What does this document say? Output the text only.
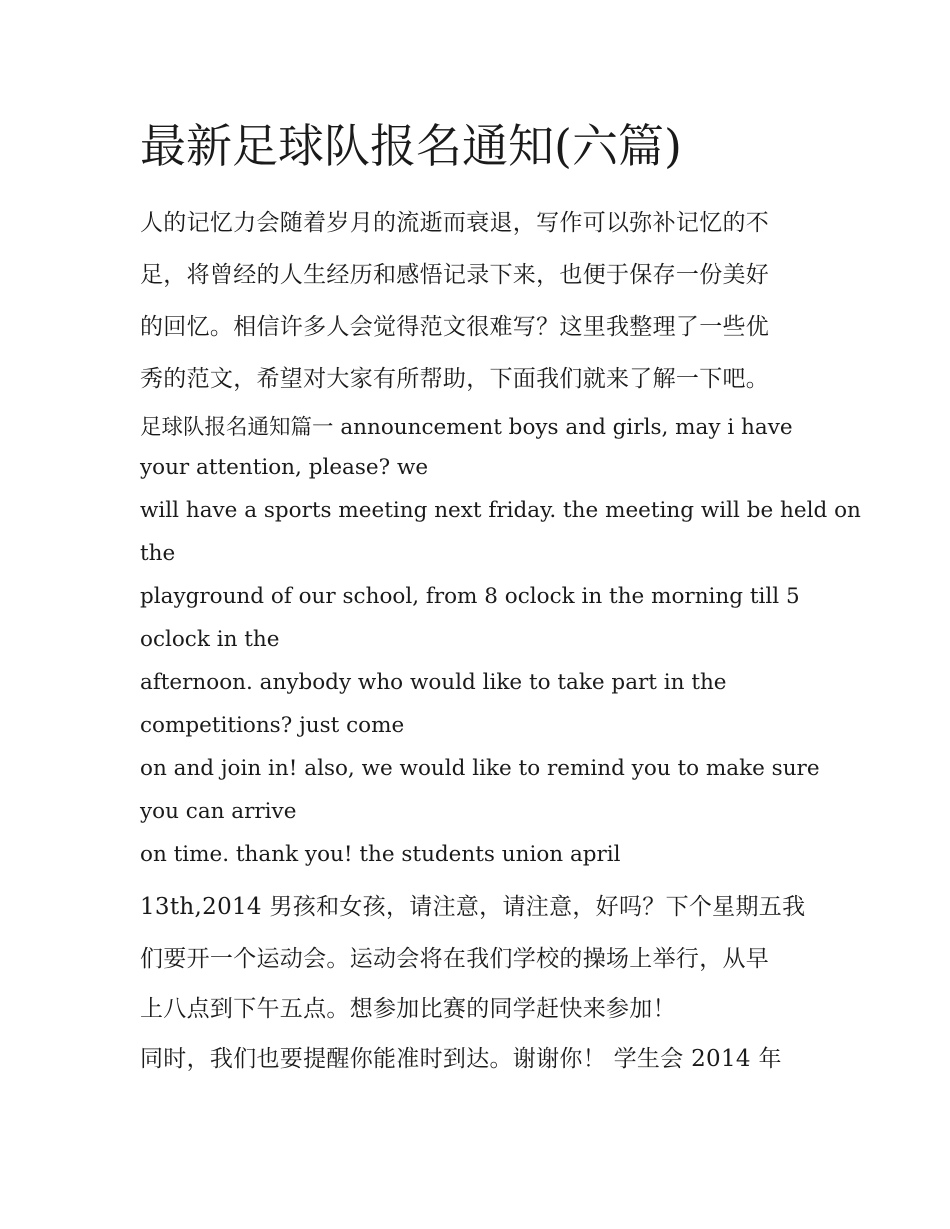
最新足球队报名通知(六篇)

人的记忆力会随着岁月的流逝而衰退，写作可以弥补记忆的不

足，将曾经的人生经历和感悟记录下来，也便于保存一份美好

的回忆。相信许多人会觉得范文很难写？这里我整理了一些优

秀的范文，希望对大家有所帮助，下面我们就来了解一下吧。

足球队报名通知篇一 announcement boys and girls, may i have

your attention, please? we

will have a sports meeting next friday. the meeting will be held on

the

playground of our school, from 8 oclock in the morning till 5

oclock in the

afternoon. anybody who would like to take part in the

competitions? just come

on and join in! also, we would like to remind you to make sure

you can arrive

on time. thank you! the students union april

13th,2014 男孩和女孩，请注意，请注意，好吗？下个星期五我

们要开一个运动会。运动会将在我们学校的操场上举行，从早

上八点到下午五点。想参加比赛的同学赶快来参加！

同时，我们也要提醒你能准时到达。谢谢你！ 学生会 2014 年
